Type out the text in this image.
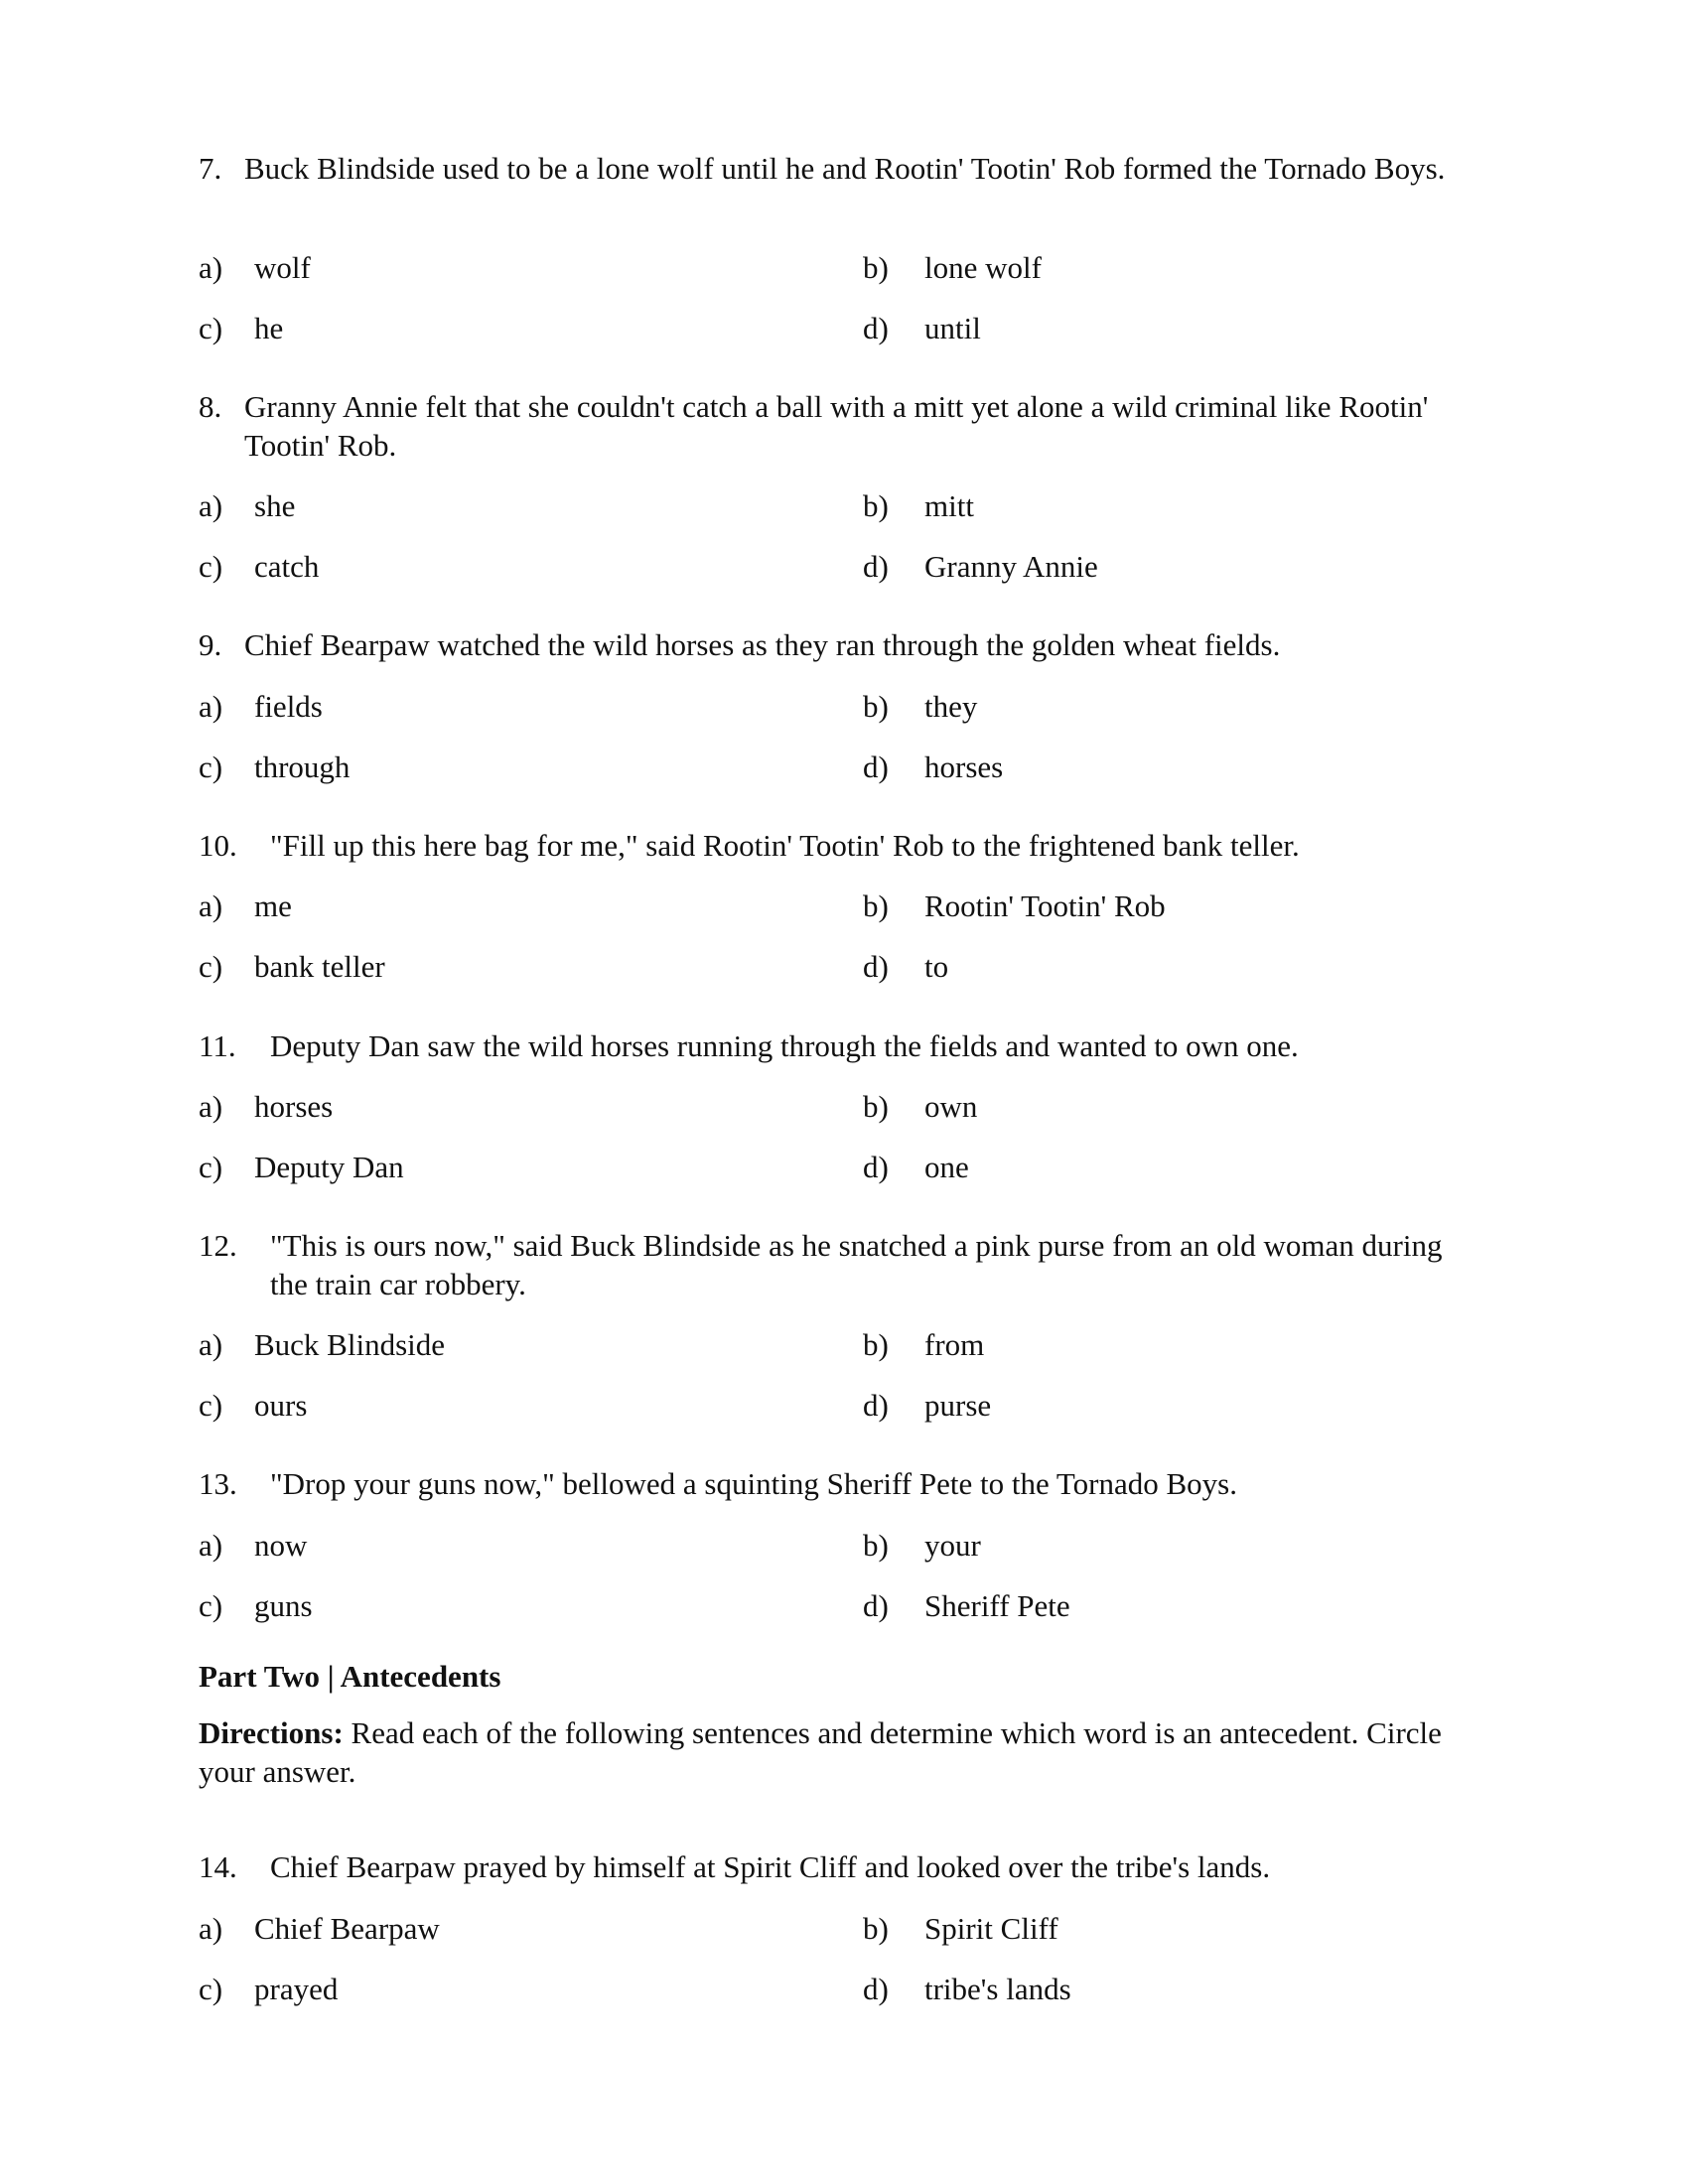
7. Buck Blindside used to be a lone wolf until he and Rootin' Tootin' Rob formed the Tornado Boys.
a) wolf	b) lone wolf
c) he	d) until
8. Granny Annie felt that she couldn't catch a ball with a mitt yet alone a wild criminal like Rootin' Tootin' Rob.
a) she	b) mitt
c) catch	d) Granny Annie
9. Chief Bearpaw watched the wild horses as they ran through the golden wheat fields.
a) fields	b) they
c) through	d) horses
10.	"Fill up this here bag for me," said Rootin' Tootin' Rob to the frightened bank teller.
a) me	b) Rootin' Tootin' Rob
c) bank teller	d) to
11.	Deputy Dan saw the wild horses running through the fields and wanted to own one.
a) horses	b) own
c) Deputy Dan	d) one
12.	"This is ours now," said Buck Blindside as he snatched a pink purse from an old woman during the train car robbery.
a) Buck Blindside	b) from
c) ours	d) purse
13.	"Drop your guns now," bellowed a squinting Sheriff Pete to the Tornado Boys.
a) now	b) your
c) guns	d) Sheriff Pete
Part Two | Antecedents
Directions: Read each of the following sentences and determine which word is an antecedent. Circle your answer.
14.	Chief Bearpaw prayed by himself at Spirit Cliff and looked over the tribe's lands.
a) Chief Bearpaw	b) Spirit Cliff
c) prayed	d) tribe's lands
